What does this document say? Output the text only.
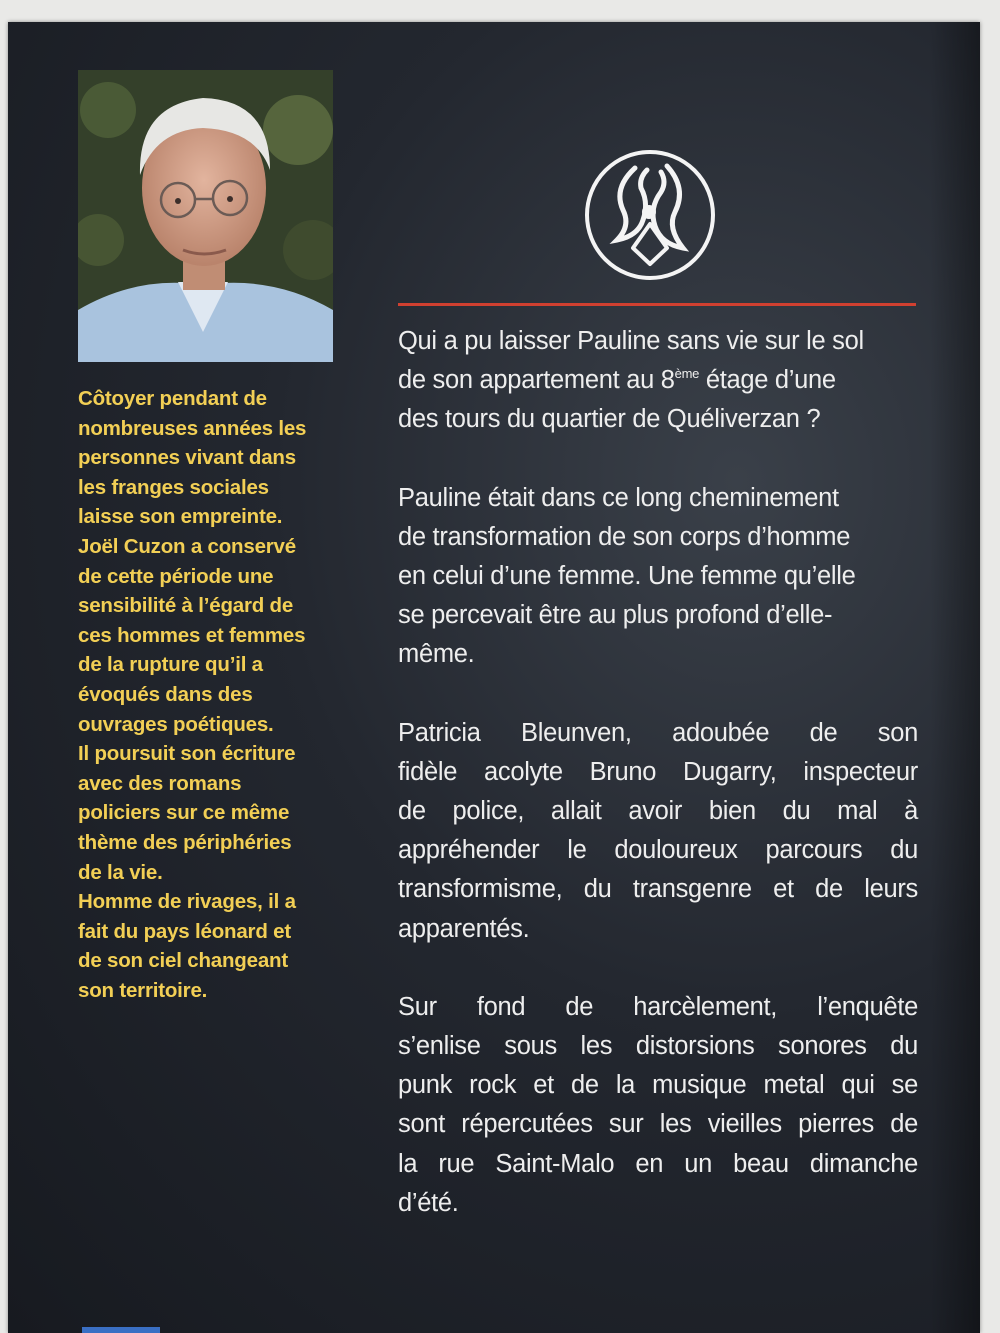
Côtoyer pendant de
nombreuses années les
personnes vivant dans
les franges sociales
laisse son empreinte.
Joël Cuzon a conservé
de cette période une
sensibilité à l’égard de
ces hommes et femmes
de la rupture qu’il a
évoqués dans des
ouvrages poétiques.
Il poursuit son écriture
avec des romans
policiers sur ce même
thème des périphéries
de la vie.
Homme de rivages, il a
fait du pays léonard et
de son ciel changeant
son territoire.

Qui a pu laisser Pauline sans vie sur le sol
de son appartement au 8ème étage d’une
des tours du quartier de Quéliverzan ?

Pauline était dans ce long cheminement
de transformation de son corps d’homme
en celui d’une femme. Une femme qu’elle
se percevait être au plus profond d’elle-
même.

Patricia Bleunven, adoubée de son
fidèle acolyte Bruno Dugarry, inspecteur
de police, allait avoir bien du mal à
appréhender le douloureux parcours du
transformisme, du transgenre et de leurs
apparentés.

Sur fond de harcèlement, l’enquête
s’enlise sous les distorsions sonores du
punk rock et de la musique metal qui se
sont répercutées sur les vieilles pierres de
la rue Saint-Malo en un beau dimanche
d’été.
